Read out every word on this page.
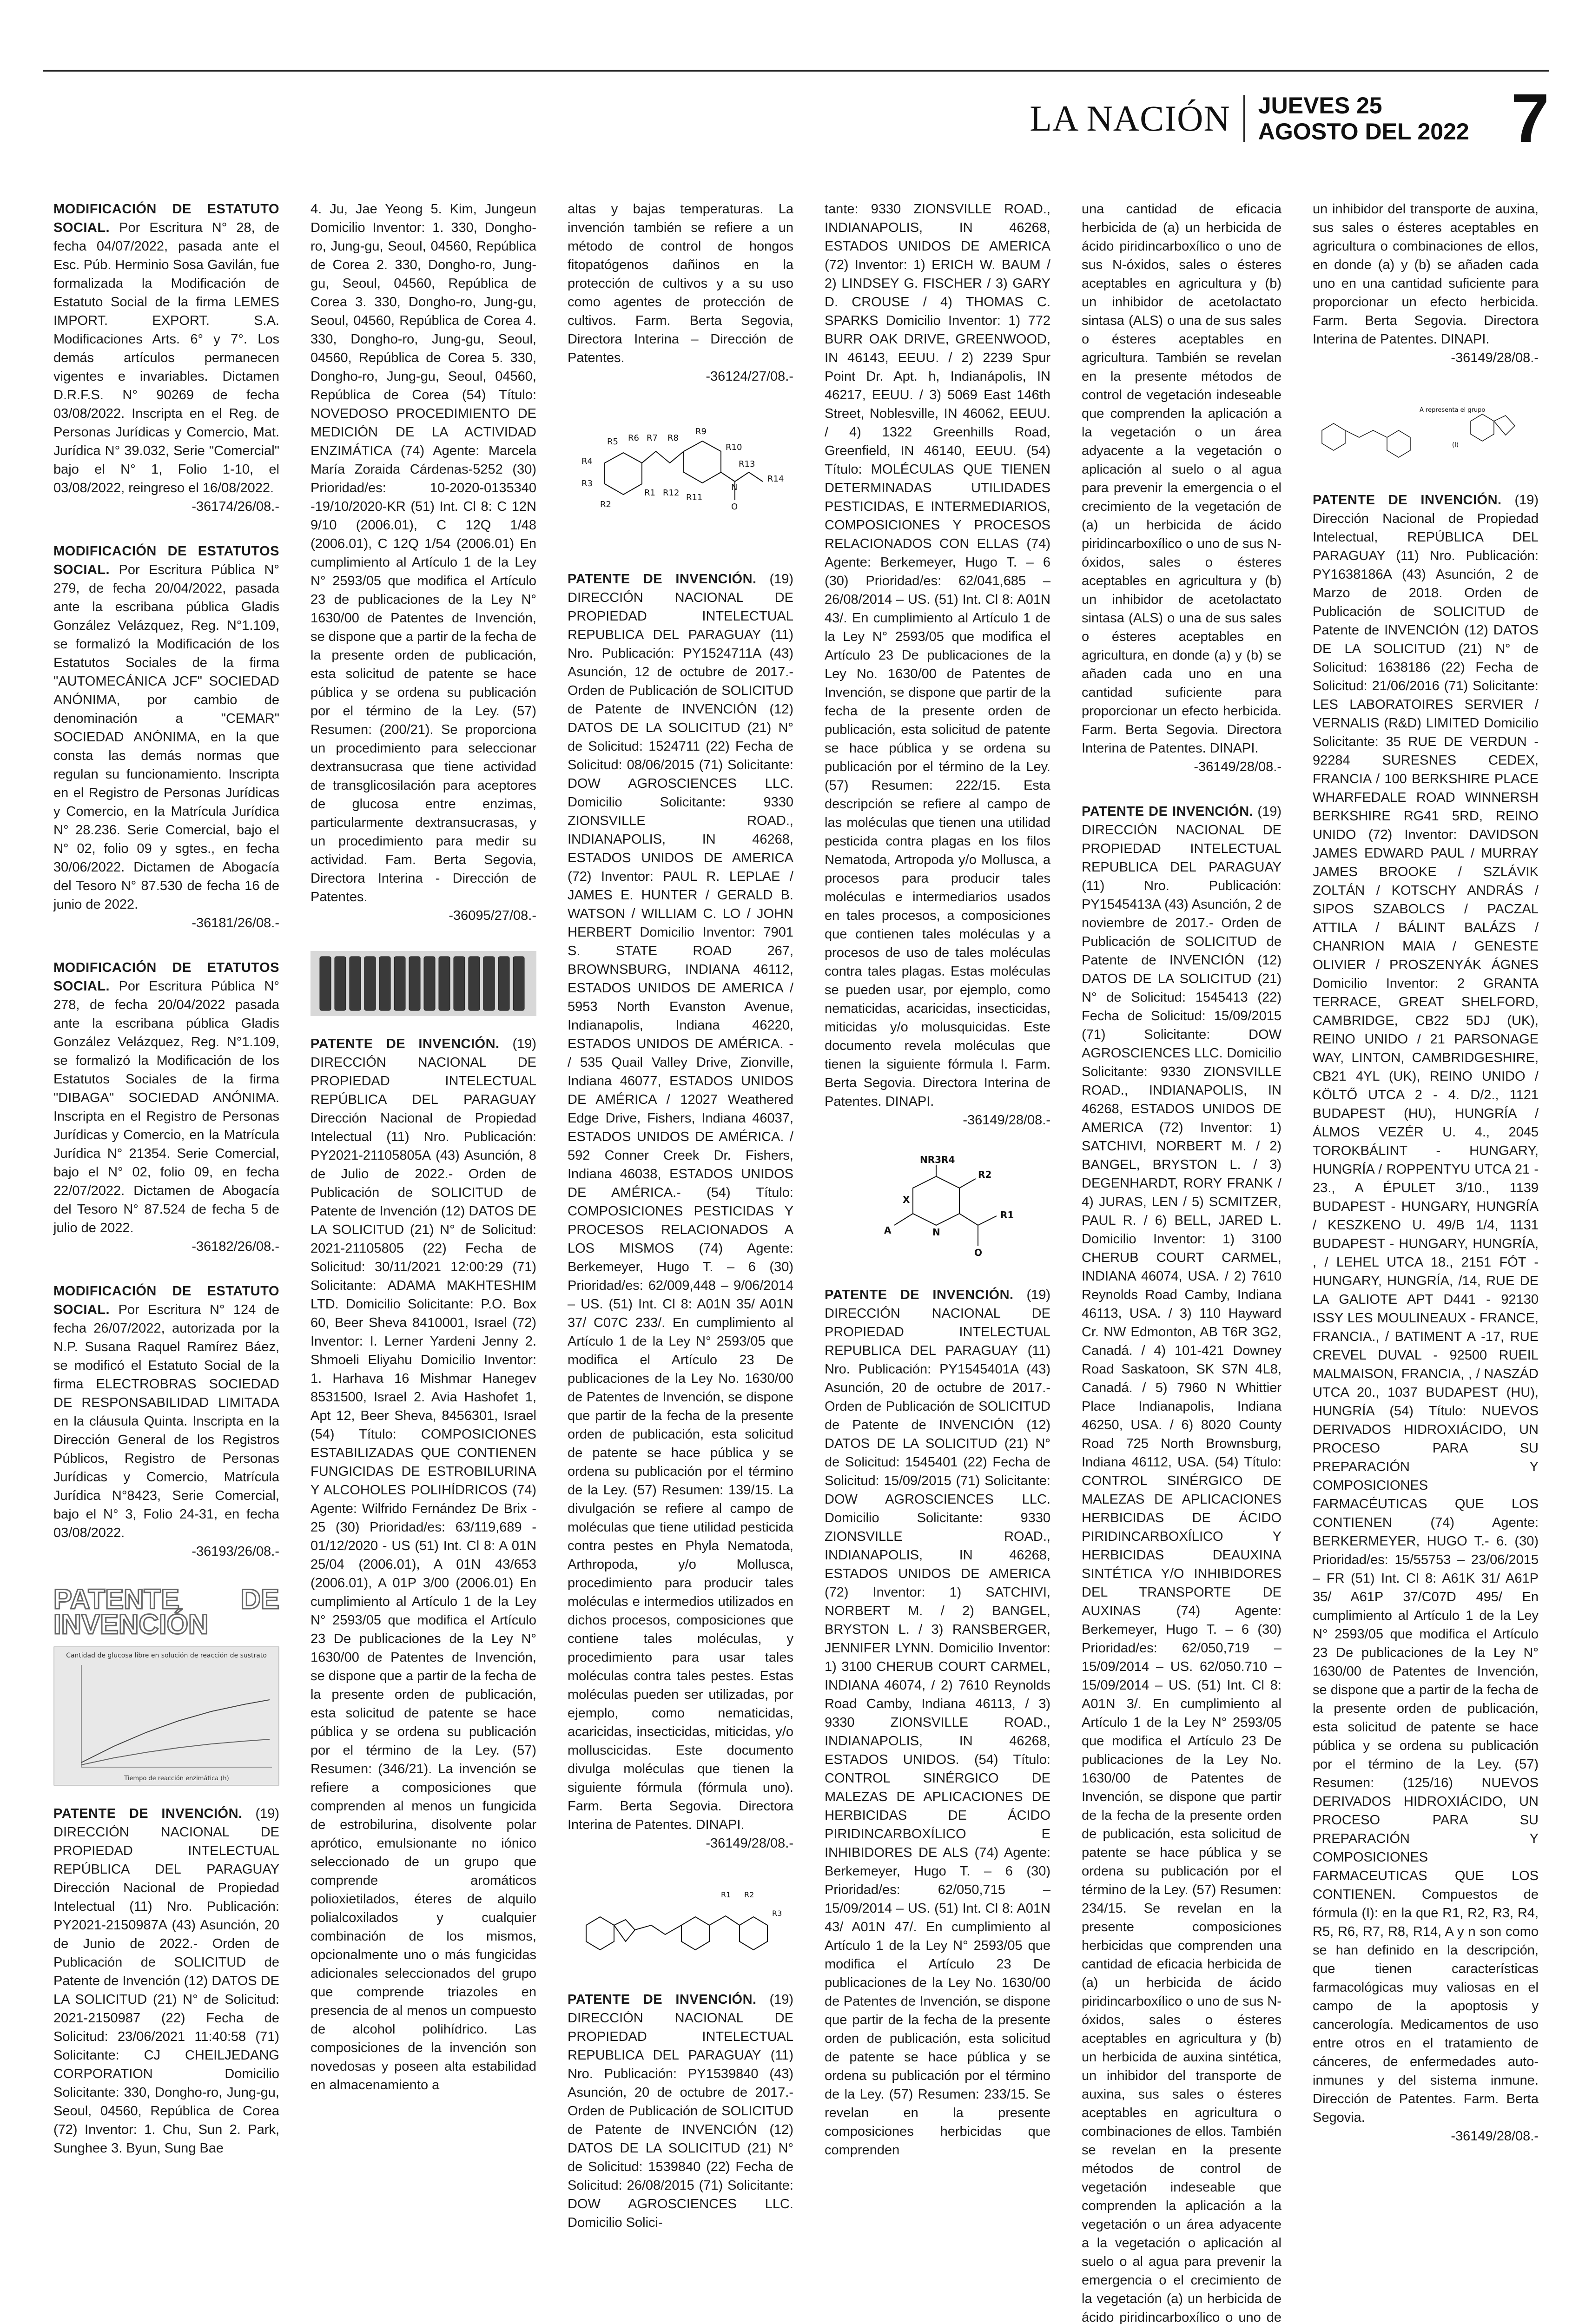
LA NACIÓN JUEVES 25
AGOSTO DEL 2022 7
MODIFICACIÓN DE ESTATUTO SOCIAL. Por Escritura N° 28, de fecha 04/07/2022, pasada ante el Esc. Púb. Herminio Sosa Gavilán, fue formalizada la Modificación de Estatuto Social de la firma LEMES IMPORT. EXPORT. S.A. Modificaciones Arts. 6° y 7°. Los demás artículos permanecen vigentes e invariables. Dictamen D.R.F.S. N° 90269 de fecha 03/08/2022. Inscripta en el Reg. de Personas Jurídicas y Comercio, Mat. Jurídica N° 39.032, Serie "Comercial" bajo el N° 1, Folio 1-10, el 03/08/2022, reingreso el 16/08/2022.
-36174/26/08.-
MODIFICACIÓN DE ESTATUTOS SOCIAL. Por Escritura Pública N° 279, de fecha 20/04/2022, pasada ante la escribana pública Gladis González Velázquez, Reg. N°1.109, se formalizó la Modificación de los Estatutos Sociales de la firma "AUTOMECÁNICA JCF" SOCIEDAD ANÓNIMA, por cambio de denominación a "CEMAR" SOCIEDAD ANÓNIMA, en la que consta las demás normas que regulan su funcionamiento. Inscripta en el Registro de Personas Jurídicas y Comercio, en la Matrícula Jurídica N° 28.236. Serie Comercial, bajo el N° 02, folio 09 y sgtes., en fecha 30/06/2022. Dictamen de Abogacía del Tesoro N° 87.530 de fecha 16 de junio de 2022.
-36181/26/08.-
MODIFICACIÓN DE ETATUTOS SOCIAL. Por Escritura Pública N° 278, de fecha 20/04/2022 pasada ante la escribana pública Gladis González Velázquez, Reg. N°1.109, se formalizó la Modificación de los Estatutos Sociales de la firma "DIBAGA" SOCIEDAD ANÓNIMA. Inscripta en el Registro de Personas Jurídicas y Comercio, en la Matrícula Jurídica N° 21354. Serie Comercial, bajo el N° 02, folio 09, en fecha 22/07/2022. Dictamen de Abogacía del Tesoro N° 87.524 de fecha 5 de julio de 2022.
-36182/26/08.-
MODIFICACIÓN DE ESTATUTO SOCIAL. Por Escritura N° 124 de fecha 26/07/2022, autorizada por la N.P. Susana Raquel Ramírez Báez, se modificó el Estatuto Social de la firma ELECTROBRAS SOCIEDAD DE RESPONSABILIDAD LIMITADA en la cláusula Quinta. Inscripta en la Dirección General de los Registros Públicos, Registro de Personas Jurídicas y Comercio, Matrícula Jurídica N°8423, Serie Comercial, bajo el N° 3, Folio 24-31, en fecha 03/08/2022.
-36193/26/08.-
PATENTE DE INVENCIÓN
Cantidad de glucosa libre en solución de reacción de sustrato
Tiempo de reacción enzimática (h)
PATENTE DE INVENCIÓN. (19) DIRECCIÓN NACIONAL DE PROPIEDAD INTELECTUAL REPÚBLICA DEL PARAGUAY Dirección Nacional de Propiedad Intelectual (11) Nro. Publicación: PY2021-2150987A (43) Asunción, 20 de Junio de 2022.- Orden de Publicación de SOLICITUD de Patente de Invención (12) DATOS DE LA SOLICITUD (21) N° de Solicitud: 2021-2150987 (22) Fecha de Solicitud: 23/06/2021 11:40:58 (71) Solicitante: CJ CHEILJEDANG CORPORATION Domicilio Solicitante: 330, Dongho-ro, Jung-gu, Seoul, 04560, República de Corea (72) Inventor: 1. Chu, Sun 2. Park, Sunghee 3. Byun, Sung Bae
4. Ju, Jae Yeong 5. Kim, Jungeun Domicilio Inventor: 1. 330, Dongho-ro, Jung-gu, Seoul, 04560, República de Corea 2. 330, Dongho-ro, Jung-gu, Seoul, 04560, República de Corea 3. 330, Dongho-ro, Jung-gu, Seoul, 04560, República de Corea 4. 330, Dongho-ro, Jung-gu, Seoul, 04560, República de Corea 5. 330, Dongho-ro, Jung-gu, Seoul, 04560, República de Corea (54) Título: NOVEDOSO PROCEDIMIENTO DE MEDICIÓN DE LA ACTIVIDAD ENZIMÁTICA (74) Agente: Marcela María Zoraida Cárdenas-5252 (30) Prioridad/es: 10-2020-0135340 -19/10/2020-KR (51) Int. Cl 8: C 12N 9/10 (2006.01), C 12Q 1/48 (2006.01), C 12Q 1/54 (2006.01) En cumplimiento al Artículo 1 de la Ley N° 2593/05 que modifica el Artículo 23 de publicaciones de la Ley N° 1630/00 de Patentes de Invención, se dispone que a partir de la fecha de la presente orden de publicación, esta solicitud de patente se hace pública y se ordena su publicación por el término de la Ley. (57) Resumen: (200/21). Se proporciona un procedimiento para seleccionar dextransucrasa que tiene actividad de transglicosilación para aceptores de glucosa entre enzimas, particularmente dextransucrasas, y un procedimiento para medir su actividad. Fam. Berta Segovia, Directora Interina - Dirección de Patentes.
-36095/27/08.-
PATENTE DE INVENCIÓN. (19) DIRECCIÓN NACIONAL DE PROPIEDAD INTELECTUAL REPÚBLICA DEL PARAGUAY Dirección Nacional de Propiedad Intelectual (11) Nro. Publicación: PY2021-21105805A (43) Asunción, 8 de Julio de 2022.- Orden de Publicación de SOLICITUD de Patente de Invención (12) DATOS DE LA SOLICITUD (21) N° de Solicitud: 2021-21105805 (22) Fecha de Solicitud: 30/11/2021 12:00:29 (71) Solicitante: ADAMA MAKHTESHIM LTD. Domicilio Solicitante: P.O. Box 60, Beer Sheva 8410001, Israel (72) Inventor: I. Lerner Yardeni Jenny 2. Shmoeli Eliyahu Domicilio Inventor: 1. Harhava 16 Mishmar Hanegev 8531500, Israel 2. Avia Hashofet 1, Apt 12, Beer Sheva, 8456301, Israel (54) Título: COMPOSICIONES ESTABILIZADAS QUE CONTIENEN FUNGICIDAS DE ESTROBILURINA Y ALCOHOLES POLIHÍDRICOS (74) Agente: Wilfrido Fernández De Brix - 25 (30) Prioridad/es: 63/119,689 - 01/12/2020 - US (51) Int. Cl 8: A 01N 25/04 (2006.01), A 01N 43/653 (2006.01), A 01P 3/00 (2006.01) En cumplimiento al Artículo 1 de la Ley N° 2593/05 que modifica el Artículo 23 De publicaciones de la Ley N° 1630/00 de Patentes de Invención, se dispone que a partir de la fecha de la presente orden de publicación, esta solicitud de patente se hace pública y se ordena su publicación por el término de la Ley. (57) Resumen: (346/21). La invención se refiere a composiciones que comprenden al menos un fungicida de estrobilurina, disolvente polar aprótico, emulsionante no iónico seleccionado de un grupo que comprende aromáticos polioxietilados, éteres de alquilo polialcoxilados y cualquier combinación de los mismos, opcionalmente uno o más fungicidas adicionales seleccionados del grupo que comprende triazoles en presencia de al menos un compuesto de alcohol polihídrico. Las composiciones de la invención son novedosas y poseen alta estabilidad en almacenamiento a
altas y bajas temperaturas. La invención también se refiere a un método de control de hongos fitopatógenos dañinos en la protección de cultivos y a su uso como agentes de protección de cultivos. Farm. Berta Segovia, Directora Interina – Dirección de Patentes.
-36124/27/08.-
R5 R6 R7 R8
R9
R10
R13
R14
R4
R3
R2
R1 R12 R11
N
O
PATENTE DE INVENCIÓN. (19) DIRECCIÓN NACIONAL DE PROPIEDAD INTELECTUAL REPUBLICA DEL PARAGUAY (11) Nro. Publicación: PY1524711A (43) Asunción, 12 de octubre de 2017.- Orden de Publicación de SOLICITUD de Patente de INVENCIÓN (12) DATOS DE LA SOLICITUD (21) N° de Solicitud: 1524711 (22) Fecha de Solicitud: 08/06/2015 (71) Solicitante: DOW AGROSCIENCES LLC. Domicilio Solicitante: 9330 ZIONSVILLE ROAD., INDIANAPOLIS, IN 46268, ESTADOS UNIDOS DE AMERICA (72) Inventor: PAUL R. LEPLAE / JAMES E. HUNTER / GERALD B. WATSON / WILLIAM C. LO / JOHN HERBERT Domicilio Inventor: 7901 S. STATE ROAD 267, BROWNSBURG, INDIANA 46112, ESTADOS UNIDOS DE AMERICA / 5953 North Evanston Avenue, Indianapolis, Indiana 46220, ESTADOS UNIDOS DE AMÉRICA. - / 535 Quail Valley Drive, Zionville, Indiana 46077, ESTADOS UNIDOS DE AMÉRICA / 12027 Weathered Edge Drive, Fishers, Indiana 46037, ESTADOS UNIDOS DE AMÉRICA. / 592 Conner Creek Dr. Fishers, Indiana 46038, ESTADOS UNIDOS DE AMÉRICA.- (54) Título: COMPOSICIONES PESTICIDAS Y PROCESOS RELACIONADOS A LOS MISMOS (74) Agente: Berkemeyer, Hugo T. – 6 (30) Prioridad/es: 62/009,448 – 9/06/2014 – US. (51) Int. Cl 8: A01N 35/ A01N 37/ C07C 233/. En cumplimiento al Artículo 1 de la Ley N° 2593/05 que modifica el Artículo 23 De publicaciones de la Ley No. 1630/00 de Patentes de Invención, se dispone que partir de la fecha de la presente orden de publicación, esta solicitud de patente se hace pública y se ordena su publicación por el término de la Ley. (57) Resumen: 139/15. La divulgación se refiere al campo de moléculas que tiene utilidad pesticida contra pestes en Phyla Nematoda, Arthropoda, y/o Mollusca, procedimiento para producir tales moléculas e intermedios utilizados en dichos procesos, composiciones que contiene tales moléculas, y procedimiento para usar tales moléculas contra tales pestes. Estas moléculas pueden ser utilizadas, por ejemplo, como nematicidas, acaricidas, insecticidas, miticidas, y/o molluscicidas. Este documento divulga moléculas que tienen la siguiente fórmula (fórmula uno). Farm. Berta Segovia. Directora Interina de Patentes. DINAPI.
-36149/28/08.-
R1 R2
R3
PATENTE DE INVENCIÓN. (19) DIRECCIÓN NACIONAL DE PROPIEDAD INTELECTUAL REPUBLICA DEL PARAGUAY (11) Nro. Publicación: PY1539840 (43) Asunción, 20 de octubre de 2017.- Orden de Publicación de SOLICITUD de Patente de INVENCIÓN (12) DATOS DE LA SOLICITUD (21) N° de Solicitud: 1539840 (22) Fecha de Solicitud: 26/08/2015 (71) Solicitante: DOW AGROSCIENCES LLC. Domicilio Solici-
tante: 9330 ZIONSVILLE ROAD., INDIANAPOLIS, IN 46268, ESTADOS UNIDOS DE AMERICA (72) Inventor: 1) ERICH W. BAUM / 2) LINDSEY G. FISCHER / 3) GARY D. CROUSE / 4) THOMAS C. SPARKS Domicilio Inventor: 1) 772 BURR OAK DRIVE, GREENWOOD, IN 46143, EEUU. / 2) 2239 Spur Point Dr. Apt. h, Indianápolis, IN 46217, EEUU. / 3) 5069 East 146th Street, Noblesville, IN 46062, EEUU. / 4) 1322 Greenhills Road, Greenfield, IN 46140, EEUU. (54) Título: MOLÉCULAS QUE TIENEN DETERMINADAS UTILIDADES PESTICIDAS, E INTERMEDIARIOS, COMPOSICIONES Y PROCESOS RELACIONADOS CON ELLAS (74) Agente: Berkemeyer, Hugo T. – 6 (30) Prioridad/es: 62/041,685 – 26/08/2014 – US. (51) Int. Cl 8: A01N 43/. En cumplimiento al Artículo 1 de la Ley N° 2593/05 que modifica el Artículo 23 De publicaciones de la Ley No. 1630/00 de Patentes de Invención, se dispone que partir de la fecha de la presente orden de publicación, esta solicitud de patente se hace pública y se ordena su publicación por el término de la Ley. (57) Resumen: 222/15. Esta descripción se refiere al campo de las moléculas que tienen una utilidad pesticida contra plagas en los filos Nematoda, Artropoda y/o Mollusca, a procesos para producir tales moléculas e intermediarios usados en tales procesos, a composiciones que contienen tales moléculas y a procesos de uso de tales moléculas contra tales plagas. Estas moléculas se pueden usar, por ejemplo, como nematicidas, acaricidas, insecticidas, miticidas y/o molusquicidas. Este documento revela moléculas que tienen la siguiente fórmula I. Farm. Berta Segovia. Directora Interina de Patentes. DINAPI.
-36149/28/08.-
NR3R4
R2
R1
X
N
A
O
PATENTE DE INVENCIÓN. (19) DIRECCIÓN NACIONAL DE PROPIEDAD INTELECTUAL REPUBLICA DEL PARAGUAY (11) Nro. Publicación: PY1545401A (43) Asunción, 20 de octubre de 2017.- Orden de Publicación de SOLICITUD de Patente de INVENCIÓN (12) DATOS DE LA SOLICITUD (21) N° de Solicitud: 1545401 (22) Fecha de Solicitud: 15/09/2015 (71) Solicitante: DOW AGROSCIENCES LLC. Domicilio Solicitante: 9330 ZIONSVILLE ROAD., INDIANAPOLIS, IN 46268, ESTADOS UNIDOS DE AMERICA (72) Inventor: 1) SATCHIVI, NORBERT M. / 2) BANGEL, BRYSTON L. / 3) RANSBERGER, JENNIFER LYNN. Domicilio Inventor: 1) 3100 CHERUB COURT CARMEL, INDIANA 46074, / 2) 7610 Reynolds Road Camby, Indiana 46113, / 3) 9330 ZIONSVILLE ROAD., INDIANAPOLIS, IN 46268, ESTADOS UNIDOS. (54) Título: CONTROL SINÉRGICO DE MALEZAS DE APLICACIONES DE HERBICIDAS DE ÁCIDO PIRIDINCARBOXÍLICO E INHIBIDORES DE ALS (74) Agente: Berkemeyer, Hugo T. – 6 (30) Prioridad/es: 62/050,715 – 15/09/2014 – US. (51) Int. Cl 8: A01N 43/ A01N 47/. En cumplimiento al Artículo 1 de la Ley N° 2593/05 que modifica el Artículo 23 De publicaciones de la Ley No. 1630/00 de Patentes de Invención, se dispone que partir de la fecha de la presente orden de publicación, esta solicitud de patente se hace pública y se ordena su publicación por el término de la Ley. (57) Resumen: 233/15. Se revelan en la presente composiciones herbicidas que comprenden
una cantidad de eficacia herbicida de (a) un herbicida de ácido piridincarboxílico o uno de sus N-óxidos, sales o ésteres aceptables en agricultura y (b) un inhibidor de acetolactato sintasa (ALS) o una de sus sales o ésteres aceptables en agricultura. También se revelan en la presente métodos de control de vegetación indeseable que comprenden la aplicación a la vegetación o un área adyacente a la vegetación o aplicación al suelo o al agua para prevenir la emergencia o el crecimiento de la vegetación de (a) un herbicida de ácido piridincarboxílico o uno de sus N-óxidos, sales o ésteres aceptables en agricultura y (b) un inhibidor de acetolactato sintasa (ALS) o una de sus sales o ésteres aceptables en agricultura, en donde (a) y (b) se añaden cada uno en una cantidad suficiente para proporcionar un efecto herbicida. Farm. Berta Segovia. Directora Interina de Patentes. DINAPI.
-36149/28/08.-
PATENTE DE INVENCIÓN. (19) DIRECCIÓN NACIONAL DE PROPIEDAD INTELECTUAL REPUBLICA DEL PARAGUAY (11) Nro. Publicación: PY1545413A (43) Asunción, 2 de noviembre de 2017.- Orden de Publicación de SOLICITUD de Patente de INVENCIÓN (12) DATOS DE LA SOLICITUD (21) N° de Solicitud: 1545413 (22) Fecha de Solicitud: 15/09/2015 (71) Solicitante: DOW AGROSCIENCES LLC. Domicilio Solicitante: 9330 ZIONSVILLE ROAD., INDIANAPOLIS, IN 46268, ESTADOS UNIDOS DE AMERICA (72) Inventor: 1) SATCHIVI, NORBERT M. / 2) BANGEL, BRYSTON L. / 3) DEGENHARDT, RORY FRANK / 4) JURAS, LEN / 5) SCMITZER, PAUL R. / 6) BELL, JARED L. Domicilio Inventor: 1) 3100 CHERUB COURT CARMEL, INDIANA 46074, USA. / 2) 7610 Reynolds Road Camby, Indiana 46113, USA. / 3) 110 Hayward Cr. NW Edmonton, AB T6R 3G2, Canadá. / 4) 101-421 Downey Road Saskatoon, SK S7N 4L8, Canadá. / 5) 7960 N Whittier Place Indianapolis, Indiana 46250, USA. / 6) 8020 County Road 725 North Brownsburg, Indiana 46112, USA. (54) Título: CONTROL SINÉRGICO DE MALEZAS DE APLICACIONES HERBICIDAS DE ÁCIDO PIRIDINCARBOXÍLICO Y HERBICIDAS DEAUXINA SINTÉTICA Y/O INHIBIDORES DEL TRANSPORTE DE AUXINAS (74) Agente: Berkemeyer, Hugo T. – 6 (30) Prioridad/es: 62/050,719 – 15/09/2014 – US. 62/050.710 – 15/09/2014 – US. (51) Int. Cl 8: A01N 3/. En cumplimiento al Artículo 1 de la Ley N° 2593/05 que modifica el Artículo 23 De publicaciones de la Ley No. 1630/00 de Patentes de Invención, se dispone que partir de la fecha de la presente orden de publicación, esta solicitud de patente se hace pública y se ordena su publicación por el término de la Ley. (57) Resumen: 234/15. Se revelan en la presente composiciones herbicidas que comprenden una cantidad de eficacia herbicida de (a) un herbicida de ácido piridincarboxílico o uno de sus N-óxidos, sales o ésteres aceptables en agricultura y (b) un herbicida de auxina sintética, un inhibidor del transporte de auxina, sus sales o ésteres aceptables en agricultura o combinaciones de ellos. También se revelan en la presente métodos de control de vegetación indeseable que comprenden la aplicación a la vegetación o un área adyacente a la vegetación o aplicación al suelo o al agua para prevenir la emergencia o el crecimiento de la vegetación (a) un herbicida de ácido piridincarboxílico o uno de
un inhibidor del transporte de auxina, sus sales o ésteres aceptables en agricultura o combinaciones de ellos, en donde (a) y (b) se añaden cada uno en una cantidad suficiente para proporcionar un efecto herbicida. Farm. Berta Segovia. Directora Interina de Patentes. DINAPI.
-36149/28/08.-
A representa el grupo
(I)
PATENTE DE INVENCIÓN. (19) Dirección Nacional de Propiedad Intelectual, REPÚBLICA DEL PARAGUAY (11) Nro. Publicación: PY1638186A (43) Asunción, 2 de Marzo de 2018. Orden de Publicación de SOLICITUD de Patente de INVENCIÓN (12) DATOS DE LA SOLICITUD (21) N° de Solicitud: 1638186 (22) Fecha de Solicitud: 21/06/2016 (71) Solicitante: LES LABORATOIRES SERVIER / VERNALIS (R&D) LIMITED Domicilio Solicitante: 35 RUE DE VERDUN - 92284 SURESNES CEDEX, FRANCIA / 100 BERKSHIRE PLACE WHARFEDALE ROAD WINNERSH BERKSHIRE RG41 5RD, REINO UNIDO (72) Inventor: DAVIDSON JAMES EDWARD PAUL / MURRAY JAMES BROOKE / SZLÁVIK ZOLTÁN / KOTSCHY ANDRÁS / SIPOS SZABOLCS / PACZAL ATTILA / BÁLINT BALÁZS / CHANRION MAIA / GENESTE OLIVIER / PROSZENYÁK ÁGNES Domicilio Inventor: 2 GRANTA TERRACE, GREAT SHELFORD, CAMBRIDGE, CB22 5DJ (UK), REINO UNIDO / 21 PARSONAGE WAY, LINTON, CAMBRIDGESHIRE, CB21 4YL (UK), REINO UNIDO / KÖLTŐ UTCA 2 - 4. D/2., 1121 BUDAPEST (HU), HUNGRÍA / ÁLMOS VEZÉR U. 4., 2045 TOROKBÁLINT - HUNGARY, HUNGRÍA / ROPPENTYU UTCA 21 - 23., A ÉPULET 3/10., 1139 BUDAPEST - HUNGARY, HUNGRÍA / KESZKENO U. 49/B 1/4, 1131 BUDAPEST - HUNGARY, HUNGRÍA, , / LEHEL UTCA 18., 2151 FÓT - HUNGARY, HUNGRÍA, /14, RUE DE LA GALIOTE APT D441 - 92130 ISSY LES MOULINEAUX - FRANCE, FRANCIA., / BATIMENT A -17, RUE CREVEL DUVAL - 92500 RUEIL MALMAISON, FRANCIA, , / NASZÁD UTCA 20., 1037 BUDAPEST (HU), HUNGRÍA (54) Título: NUEVOS DERIVADOS HIDROXIÁCIDO, UN PROCESO PARA SU PREPARACIÓN Y COMPOSICIONES FARMACÉUTICAS QUE LOS CONTIENEN (74) Agente: BERKERMEYER, HUGO T.- 6. (30) Prioridad/es: 15/55753 – 23/06/2015 – FR (51) Int. Cl 8: A61K 31/ A61P 35/ A61P 37/C07D 495/ En cumplimiento al Artículo 1 de la Ley N° 2593/05 que modifica el Artículo 23 De publicaciones de la Ley N° 1630/00 de Patentes de Invención, se dispone que a partir de la fecha de la presente orden de publicación, esta solicitud de patente se hace pública y se ordena su publicación por el término de la Ley. (57) Resumen: (125/16) NUEVOS DERIVADOS HIDROXIÁCIDO, UN PROCESO PARA SU PREPARACIÓN Y COMPOSICIONES FARMACEUTICAS QUE LOS CONTIENEN. Compuestos de fórmula (I): en la que R1, R2, R3, R4, R5, R6, R7, R8, R14, A y n son como se han definido en la descripción, que tienen características farmacológicas muy valiosas en el campo de la apoptosis y cancerología. Medicamentos de uso entre otros en el tratamiento de cánceres, de enfermedades auto-inmunes y del sistema inmune. Dirección de Patentes. Farm. Berta Segovia.
-36149/28/08.-
